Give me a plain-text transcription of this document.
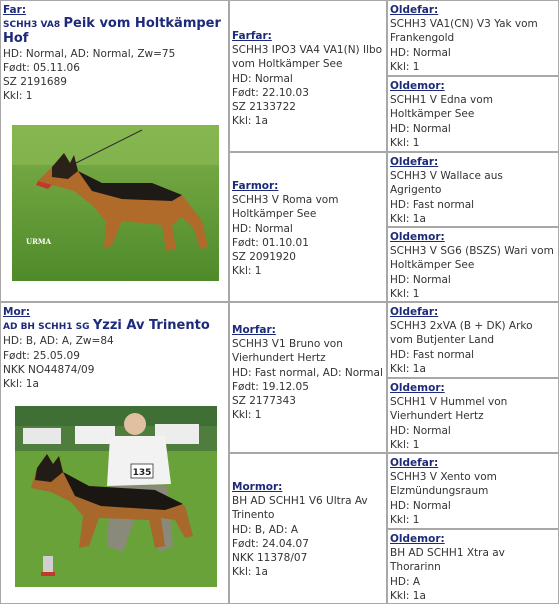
Far:
SCHH3 VA8 Peik vom Holtkämper Hof
HD: Normal, AD: Normal, Zw=75
Født: 05.11.06
SZ 2191689
Kkl: 1
URMA
Mor:
AD BH SCHH1 SG Yzzi Av Trinento
HD: B, AD: A, Zw=84
Født: 25.05.09
NKK NO44874/09
Kkl: 1a
135
Farfar:
SCHH3 IPO3 VA4 VA1(N) Ilbo vom Holtkämper See
HD: Normal
Født: 22.10.03
SZ 2133722
Kkl: 1a
Farmor:
SCHH3 V Roma vom Holtkämper See
HD: Normal
Født: 01.10.01
SZ 2091920
Kkl: 1
Morfar:
SCHH3 V1 Bruno von Vierhundert Hertz
HD: Fast normal, AD: Normal
Født: 19.12.05
SZ 2177343
Kkl: 1
Mormor:
BH AD SCHH1 V6 Ultra Av Trinento
HD: B, AD: A
Født: 24.04.07
NKK 11378/07
Kkl: 1a
Oldefar:
SCHH3 VA1(CN) V3 Yak vom Frankengold
HD: Normal
Kkl: 1
Oldemor:
SCHH1 V Edna vom Holtkämper See
HD: Normal
Kkl: 1
Oldefar:
SCHH3 V Wallace aus Agrigento
HD: Fast normal
Kkl: 1a
Oldemor:
SCHH3 V SG6 (BSZS) Wari vom Holtkämper See
HD: Normal
Kkl: 1
Oldefar:
SCHH3 2xVA (B + DK) Arko vom Butjenter Land
HD: Fast normal
Kkl: 1a
Oldemor:
SCHH1 V Hummel von Vierhundert Hertz
HD: Normal
Kkl: 1
Oldefar:
SCHH3 V Xento vom Elzmündungsraum
HD: Normal
Kkl: 1
Oldemor:
BH AD SCHH1 Xtra av Thorarinn
HD: A
Kkl: 1a
